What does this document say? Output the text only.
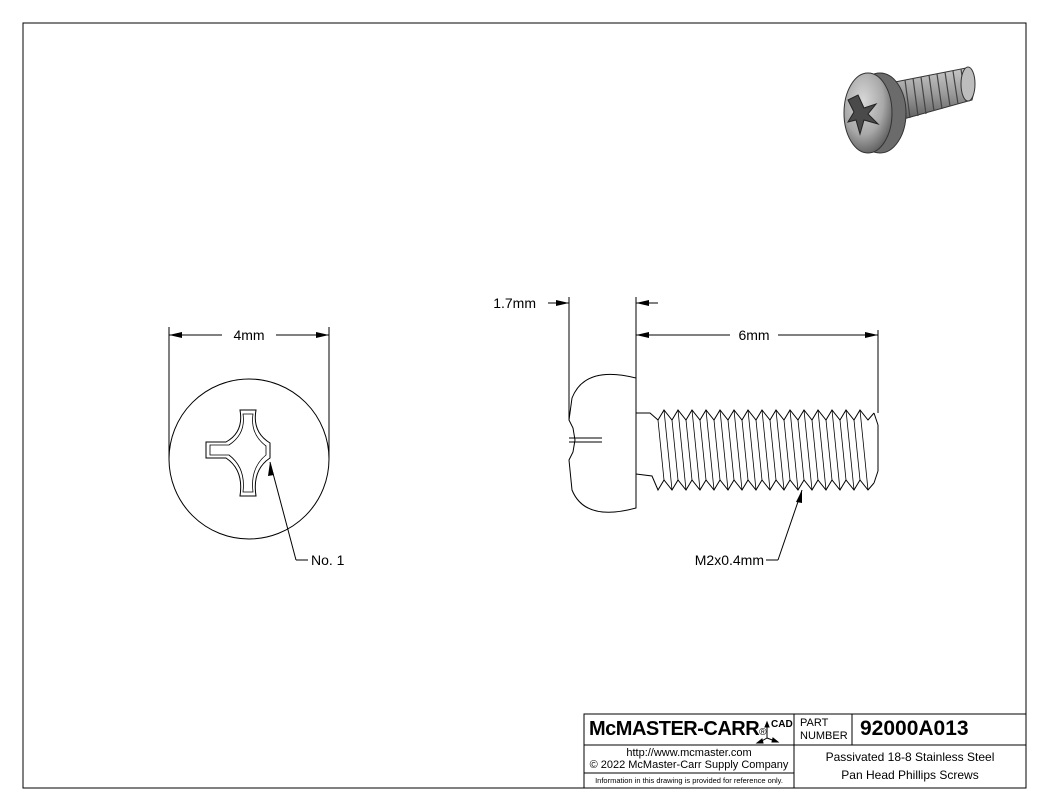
4mm
No. 1
1.7mm
6mm
M2x0.4mm
McMASTER-CARR®
CAD PART
NUMBER 92000A013
http://www.mcmaster.com
© 2022 McMaster-Carr Supply Company
Information in this drawing is provided for reference only.
Passivated 18-8 Stainless Steel
Pan Head Phillips Screws
